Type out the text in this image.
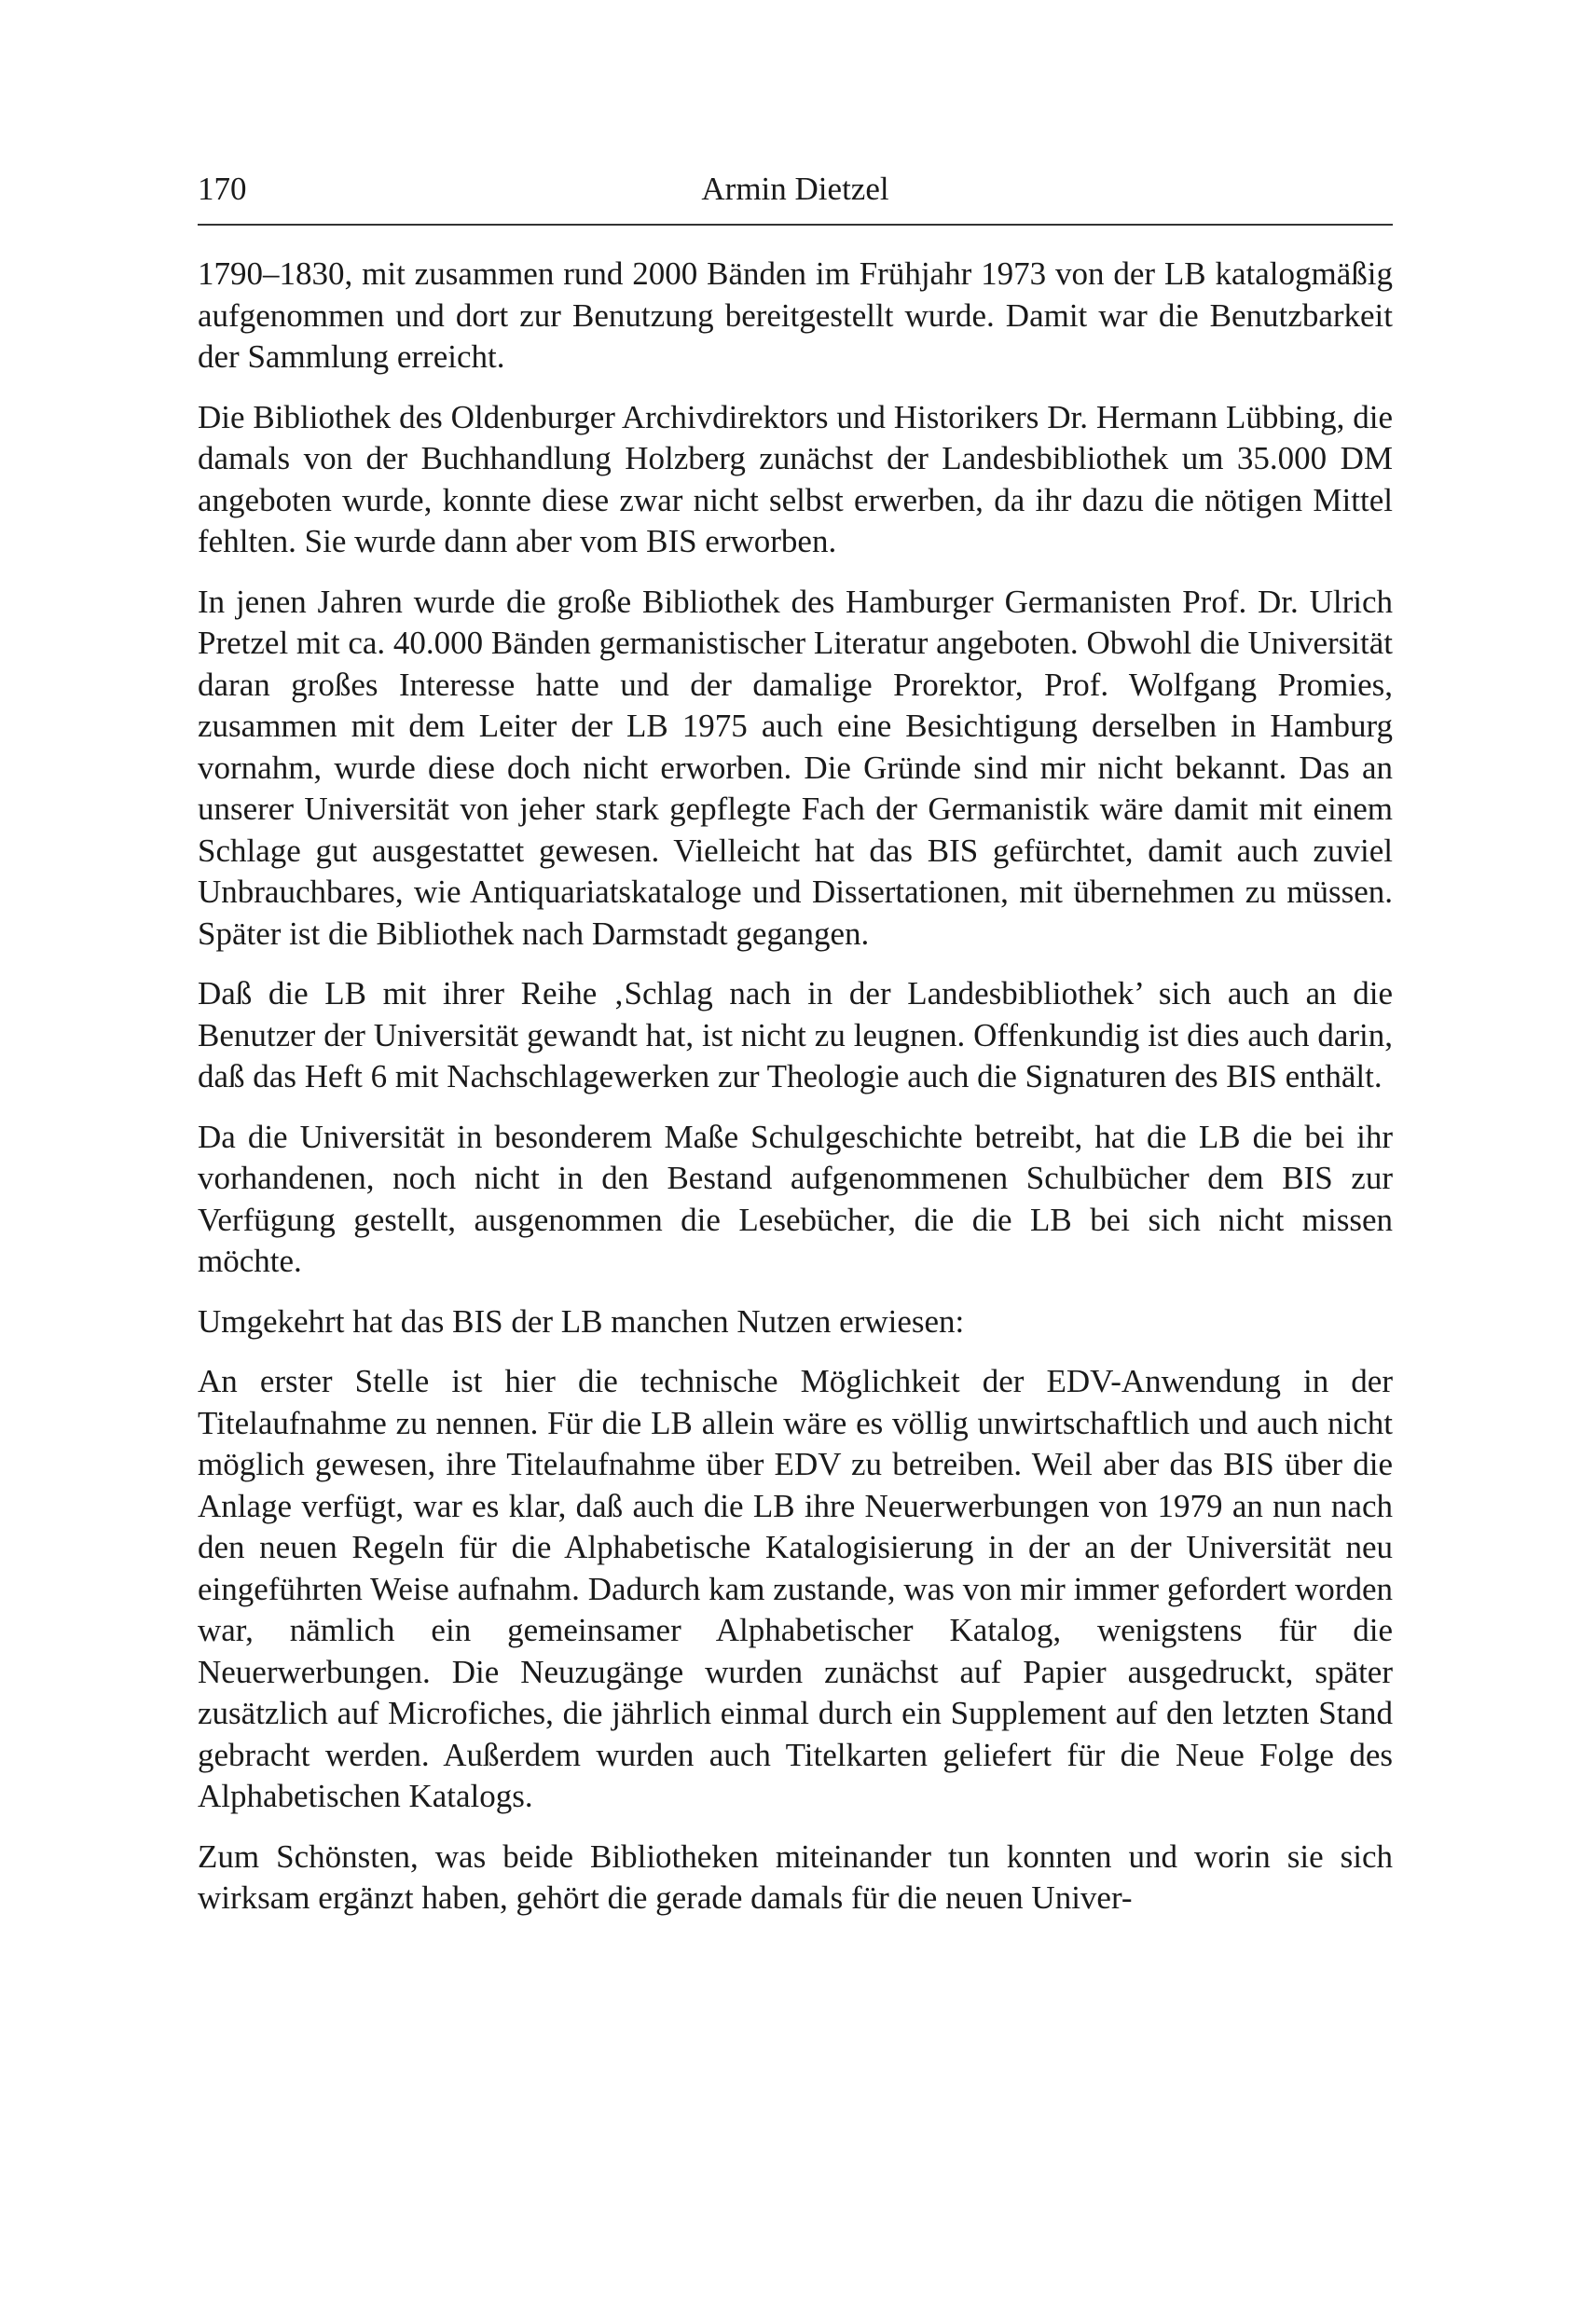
170	Armin Dietzel

1790–1830, mit zusammen rund 2000 Bänden im Frühjahr 1973 von der LB katalogmäßig aufgenommen und dort zur Benutzung bereitgestellt wurde. Damit war die Benutzbarkeit der Sammlung erreicht.

Die Bibliothek des Oldenburger Archivdirektors und Historikers Dr. Hermann Lübbing, die damals von der Buchhandlung Holzberg zunächst der Landesbibliothek um 35.000 DM angeboten wurde, konnte diese zwar nicht selbst erwerben, da ihr dazu die nötigen Mittel fehlten. Sie wurde dann aber vom BIS erworben.

In jenen Jahren wurde die große Bibliothek des Hamburger Germanisten Prof. Dr. Ulrich Pretzel mit ca. 40.000 Bänden germanistischer Literatur angeboten. Obwohl die Universität daran großes Interesse hatte und der damalige Prorektor, Prof. Wolfgang Promies, zusammen mit dem Leiter der LB 1975 auch eine Besichtigung derselben in Hamburg vornahm, wurde diese doch nicht erworben. Die Gründe sind mir nicht bekannt. Das an unserer Universität von jeher stark gepflegte Fach der Germanistik wäre damit mit einem Schlage gut ausgestattet gewesen. Vielleicht hat das BIS gefürchtet, damit auch zuviel Unbrauchbares, wie Antiquariatskataloge und Dissertationen, mit übernehmen zu müssen. Später ist die Bibliothek nach Darmstadt gegangen.

Daß die LB mit ihrer Reihe ‚Schlag nach in der Landesbibliothek’ sich auch an die Benutzer der Universität gewandt hat, ist nicht zu leugnen. Offenkundig ist dies auch darin, daß das Heft 6 mit Nachschlagewerken zur Theologie auch die Signaturen des BIS enthält.

Da die Universität in besonderem Maße Schulgeschichte betreibt, hat die LB die bei ihr vorhandenen, noch nicht in den Bestand aufgenommenen Schulbücher dem BIS zur Verfügung gestellt, ausgenommen die Lesebücher, die die LB bei sich nicht missen möchte.

Umgekehrt hat das BIS der LB manchen Nutzen erwiesen:

An erster Stelle ist hier die technische Möglichkeit der EDV-Anwendung in der Titelaufnahme zu nennen. Für die LB allein wäre es völlig unwirtschaftlich und auch nicht möglich gewesen, ihre Titelaufnahme über EDV zu betreiben. Weil aber das BIS über die Anlage verfügt, war es klar, daß auch die LB ihre Neuerwerbungen von 1979 an nun nach den neuen Regeln für die Alphabetische Katalogisierung in der an der Universität neu eingeführten Weise aufnahm. Dadurch kam zustande, was von mir immer gefordert worden war, nämlich ein gemeinsamer Alphabetischer Katalog, wenigstens für die Neuerwerbungen. Die Neuzugänge wurden zunächst auf Papier ausgedruckt, später zusätzlich auf Microfiches, die jährlich einmal durch ein Supplement auf den letzten Stand gebracht werden. Außerdem wurden auch Titelkarten geliefert für die Neue Folge des Alphabetischen Katalogs.

Zum Schönsten, was beide Bibliotheken miteinander tun konnten und worin sie sich wirksam ergänzt haben, gehört die gerade damals für die neuen Univer-
